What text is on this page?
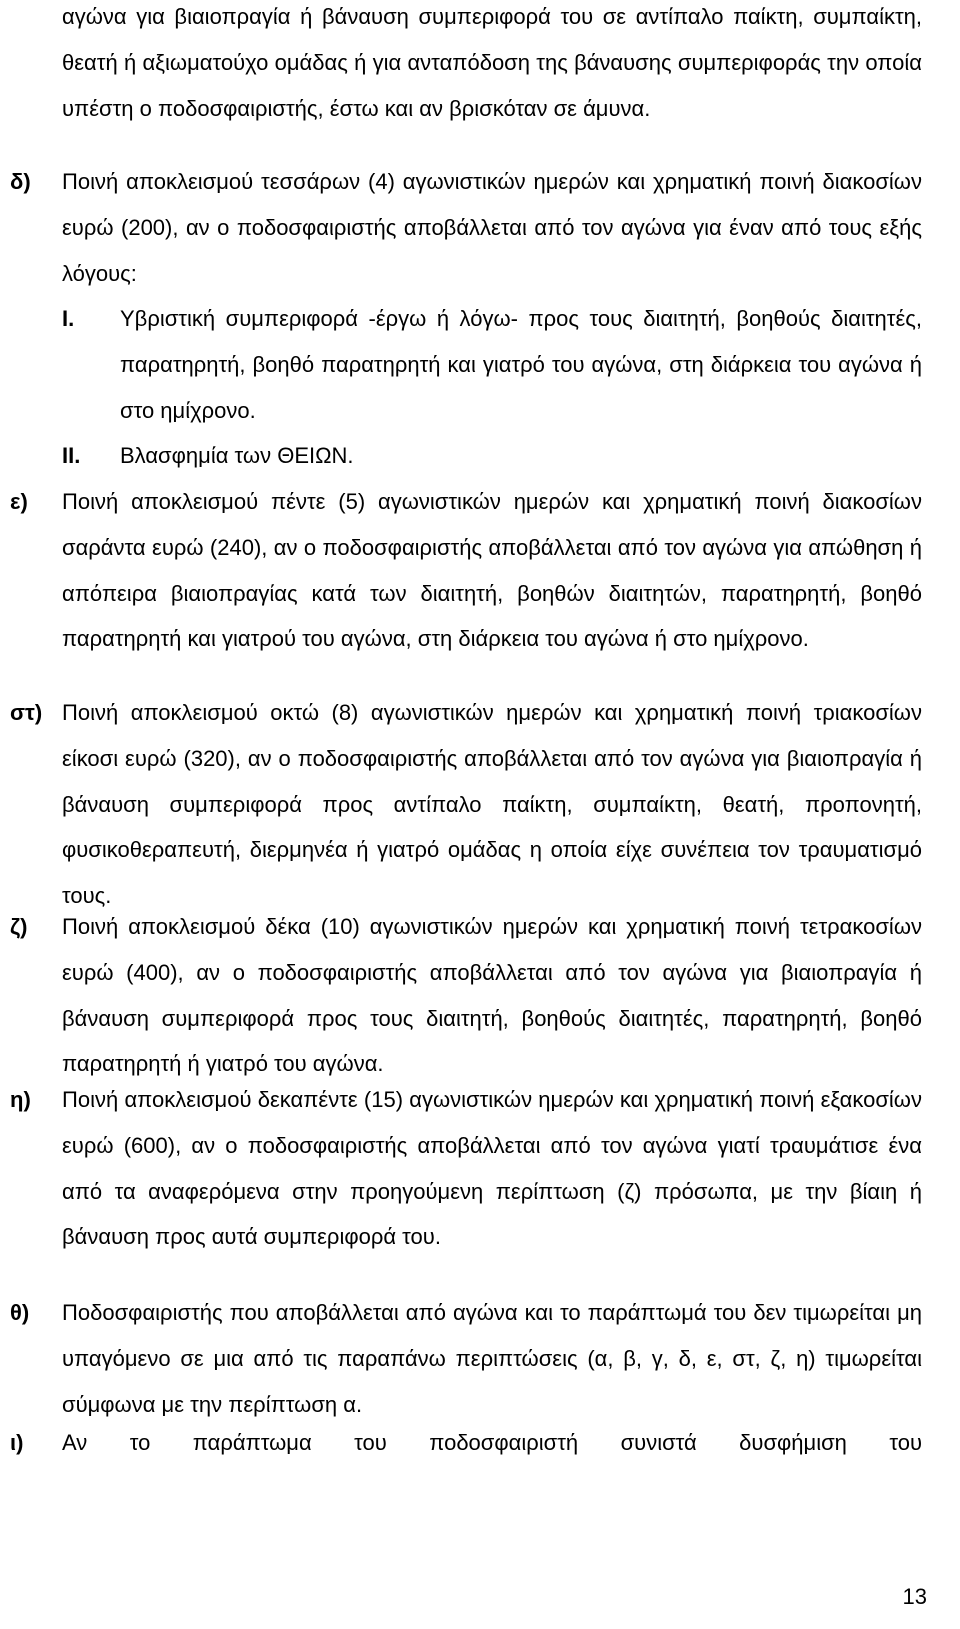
αγώνα για βιαιοπραγία ή βάναυση συμπεριφορά του σε αντίπαλο παίκτη, συμπαίκτη, θεατή ή αξιωματούχο ομάδας ή για ανταπόδοση της βάναυσης συμπεριφοράς την οποία υπέστη ο ποδοσφαιριστής, έστω και αν βρισκόταν σε άμυνα.
δ) Ποινή αποκλεισμού τεσσάρων (4) αγωνιστικών ημερών και χρηματική ποινή διακοσίων ευρώ (200), αν ο ποδοσφαιριστής αποβάλλεται από τον αγώνα για έναν από τους εξής λόγους:
I. Υβριστική συμπεριφορά -έργω ή λόγω- προς τους διαιτητή, βοηθούς διαιτητές, παρατηρητή, βοηθό παρατηρητή και γιατρό του αγώνα, στη διάρκεια του αγώνα ή στο ημίχρονο.
II. Βλασφημία των ΘΕΙΩΝ.
ε) Ποινή αποκλεισμού πέντε (5) αγωνιστικών ημερών και χρηματική ποινή διακοσίων σαράντα ευρώ (240), αν ο ποδοσφαιριστής αποβάλλεται από τον αγώνα για απώθηση ή απόπειρα βιαιοπραγίας κατά των διαιτητή, βοηθών διαιτητών, παρατηρητή, βοηθό παρατηρητή και γιατρού του αγώνα, στη διάρκεια του αγώνα ή στο ημίχρονο.
στ) Ποινή αποκλεισμού οκτώ (8) αγωνιστικών ημερών και χρηματική ποινή τριακοσίων είκοσι ευρώ (320), αν ο ποδοσφαιριστής αποβάλλεται από τον αγώνα για βιαιοπραγία ή βάναυση συμπεριφορά προς αντίπαλο παίκτη, συμπαίκτη, θεατή, προπονητή, φυσικοθεραπευτή, διερμηνέα ή γιατρό ομάδας η οποία είχε συνέπεια τον τραυματισμό τους.
ζ) Ποινή αποκλεισμού δέκα (10) αγωνιστικών ημερών και χρηματική ποινή τετρακοσίων ευρώ (400), αν ο ποδοσφαιριστής αποβάλλεται από τον αγώνα για βιαιοπραγία ή βάναυση συμπεριφορά προς τους διαιτητή, βοηθούς διαιτητές, παρατηρητή, βοηθό παρατηρητή ή γιατρό του αγώνα.
η) Ποινή αποκλεισμού δεκαπέντε (15) αγωνιστικών ημερών και χρηματική ποινή εξακοσίων ευρώ (600), αν ο ποδοσφαιριστής αποβάλλεται από τον αγώνα γιατί τραυμάτισε ένα από τα αναφερόμενα στην προηγούμενη περίπτωση (ζ) πρόσωπα, με την βίαιη ή βάναυση προς αυτά συμπεριφορά του.
θ) Ποδοσφαιριστής που αποβάλλεται από αγώνα και το παράπτωμά του δεν τιμωρείται μη υπαγόμενο σε μια από τις παραπάνω περιπτώσεις (α, β, γ, δ, ε, στ, ζ, η) τιμωρείται σύμφωνα με την περίπτωση α.
ι) Αν το παράπτωμα του ποδοσφαιριστή συνιστά δυσφήμιση του
13
